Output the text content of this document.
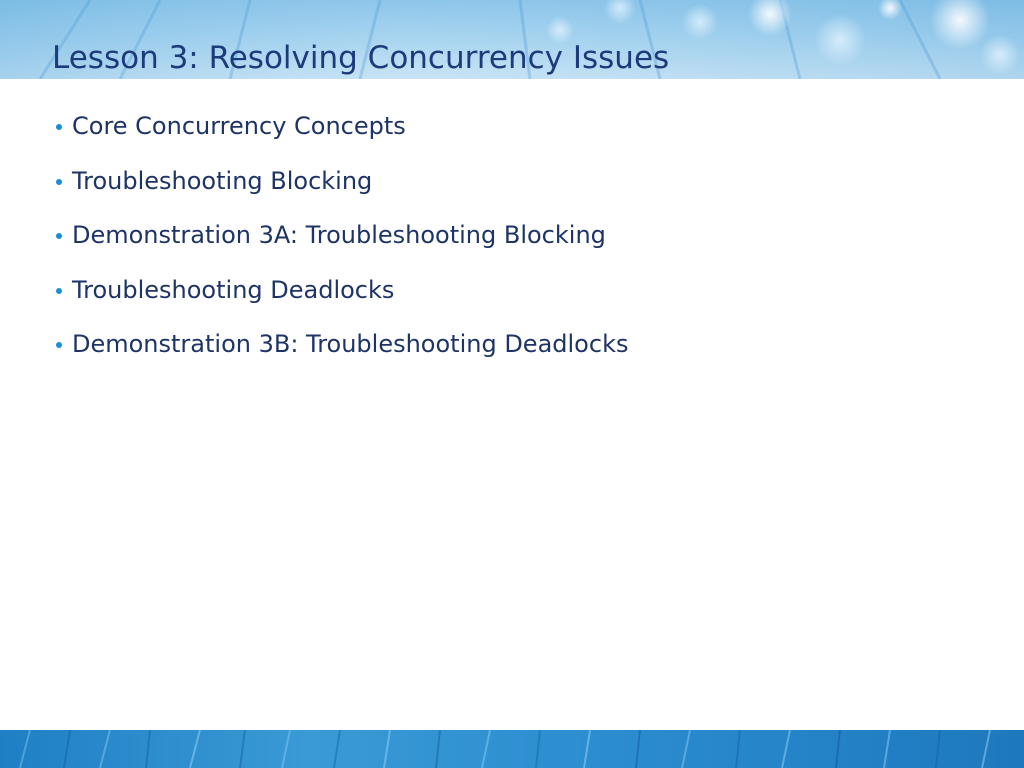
Lesson 3: Resolving Concurrency Issues
Core Concurrency Concepts
Troubleshooting Blocking
Demonstration 3A: Troubleshooting Blocking
Troubleshooting Deadlocks
Demonstration 3B: Troubleshooting Deadlocks
